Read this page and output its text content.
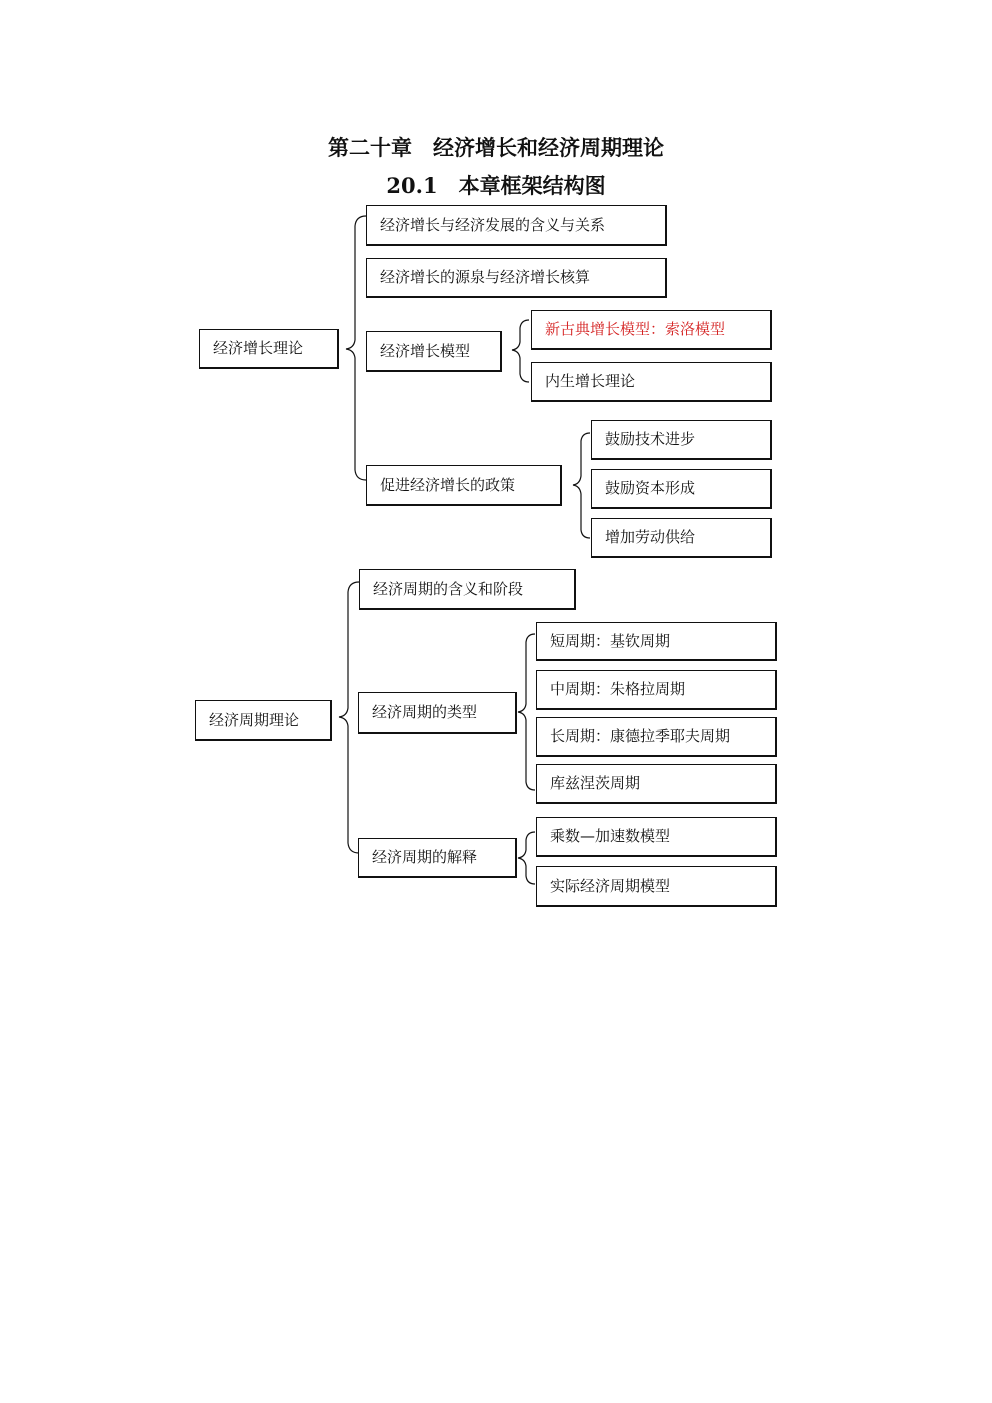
第二十章　经济增长和经济周期理论
20.1　本章框架结构图
经济增长理论
经济增长与经济发展的含义与关系
经济增长的源泉与经济增长核算
经济增长模型
新古典增长模型：索洛模型
内生增长理论
促进经济增长的政策
鼓励技术进步
鼓励资本形成
增加劳动供给
经济周期理论
经济周期的含义和阶段
经济周期的类型
短周期：基钦周期
中周期：朱格拉周期
长周期：康德拉季耶夫周期
库兹涅茨周期
经济周期的解释
乘数—加速数模型
实际经济周期模型
